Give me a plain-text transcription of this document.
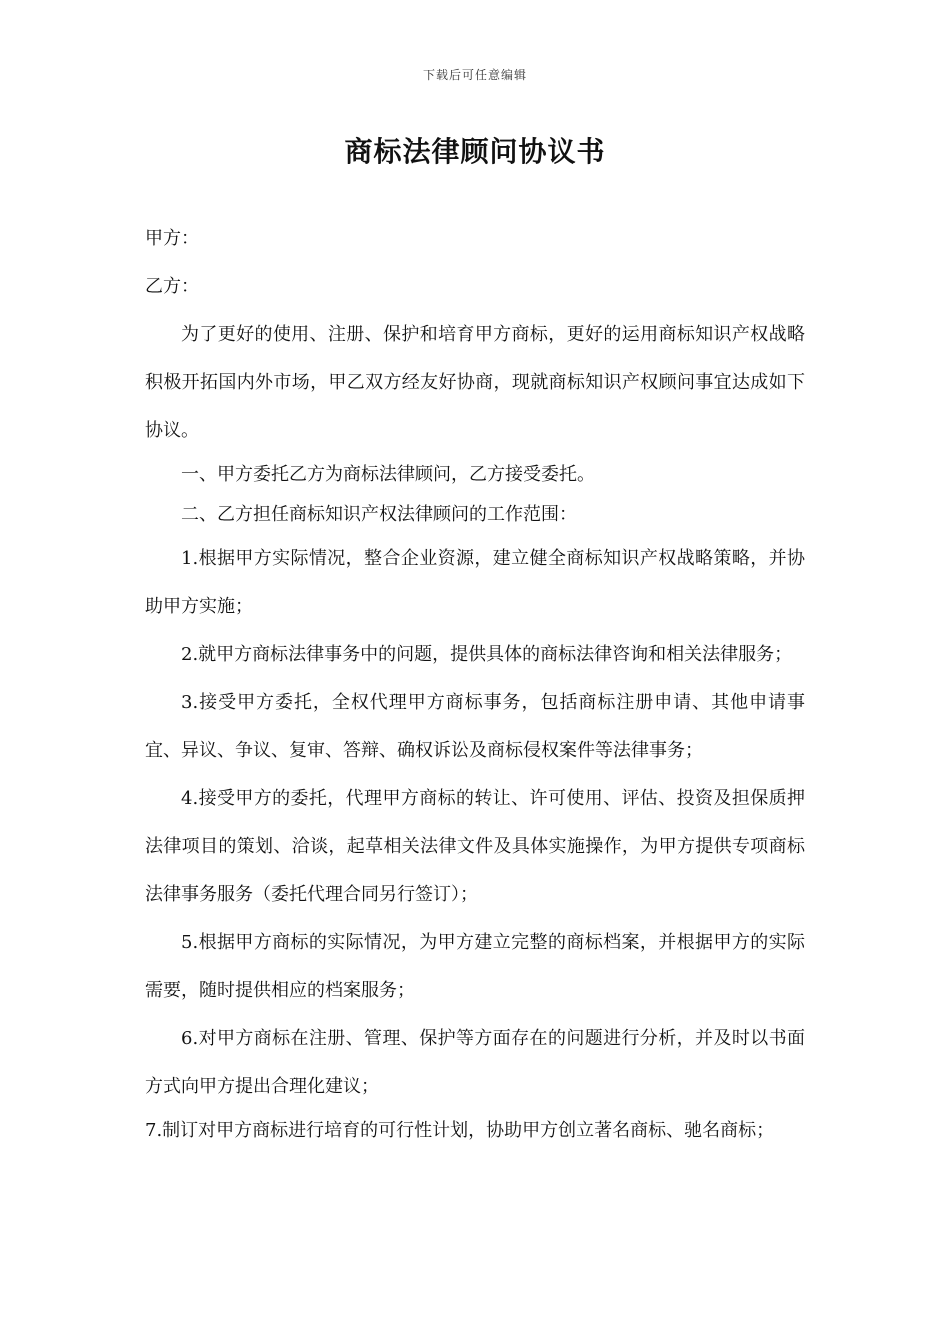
下载后可任意编辑
商标法律顾问协议书

甲方：

乙方：

为了更好的使用、注册、保护和培育甲方商标，更好的运用商标知识产权战略积极开拓国内外市场，甲乙双方经友好协商，现就商标知识产权顾问事宜达成如下协议。

一、甲方委托乙方为商标法律顾问，乙方接受委托。

二、乙方担任商标知识产权法律顾问的工作范围：

1.根据甲方实际情况，整合企业资源，建立健全商标知识产权战略策略，并协助甲方实施；

2.就甲方商标法律事务中的问题，提供具体的商标法律咨询和相关法律服务；

3.接受甲方委托，全权代理甲方商标事务，包括商标注册申请、其他申请事宜、异议、争议、复审、答辩、确权诉讼及商标侵权案件等法律事务；

4.接受甲方的委托，代理甲方商标的转让、许可使用、评估、投资及担保质押法律项目的策划、洽谈，起草相关法律文件及具体实施操作，为甲方提供专项商标法律事务服务（委托代理合同另行签订）；

5.根据甲方商标的实际情况，为甲方建立完整的商标档案，并根据甲方的实际需要，随时提供相应的档案服务；

6.对甲方商标在注册、管理、保护等方面存在的问题进行分析，并及时以书面方式向甲方提出合理化建议；

7.制订对甲方商标进行培育的可行性计划，协助甲方创立著名商标、驰名商标；
